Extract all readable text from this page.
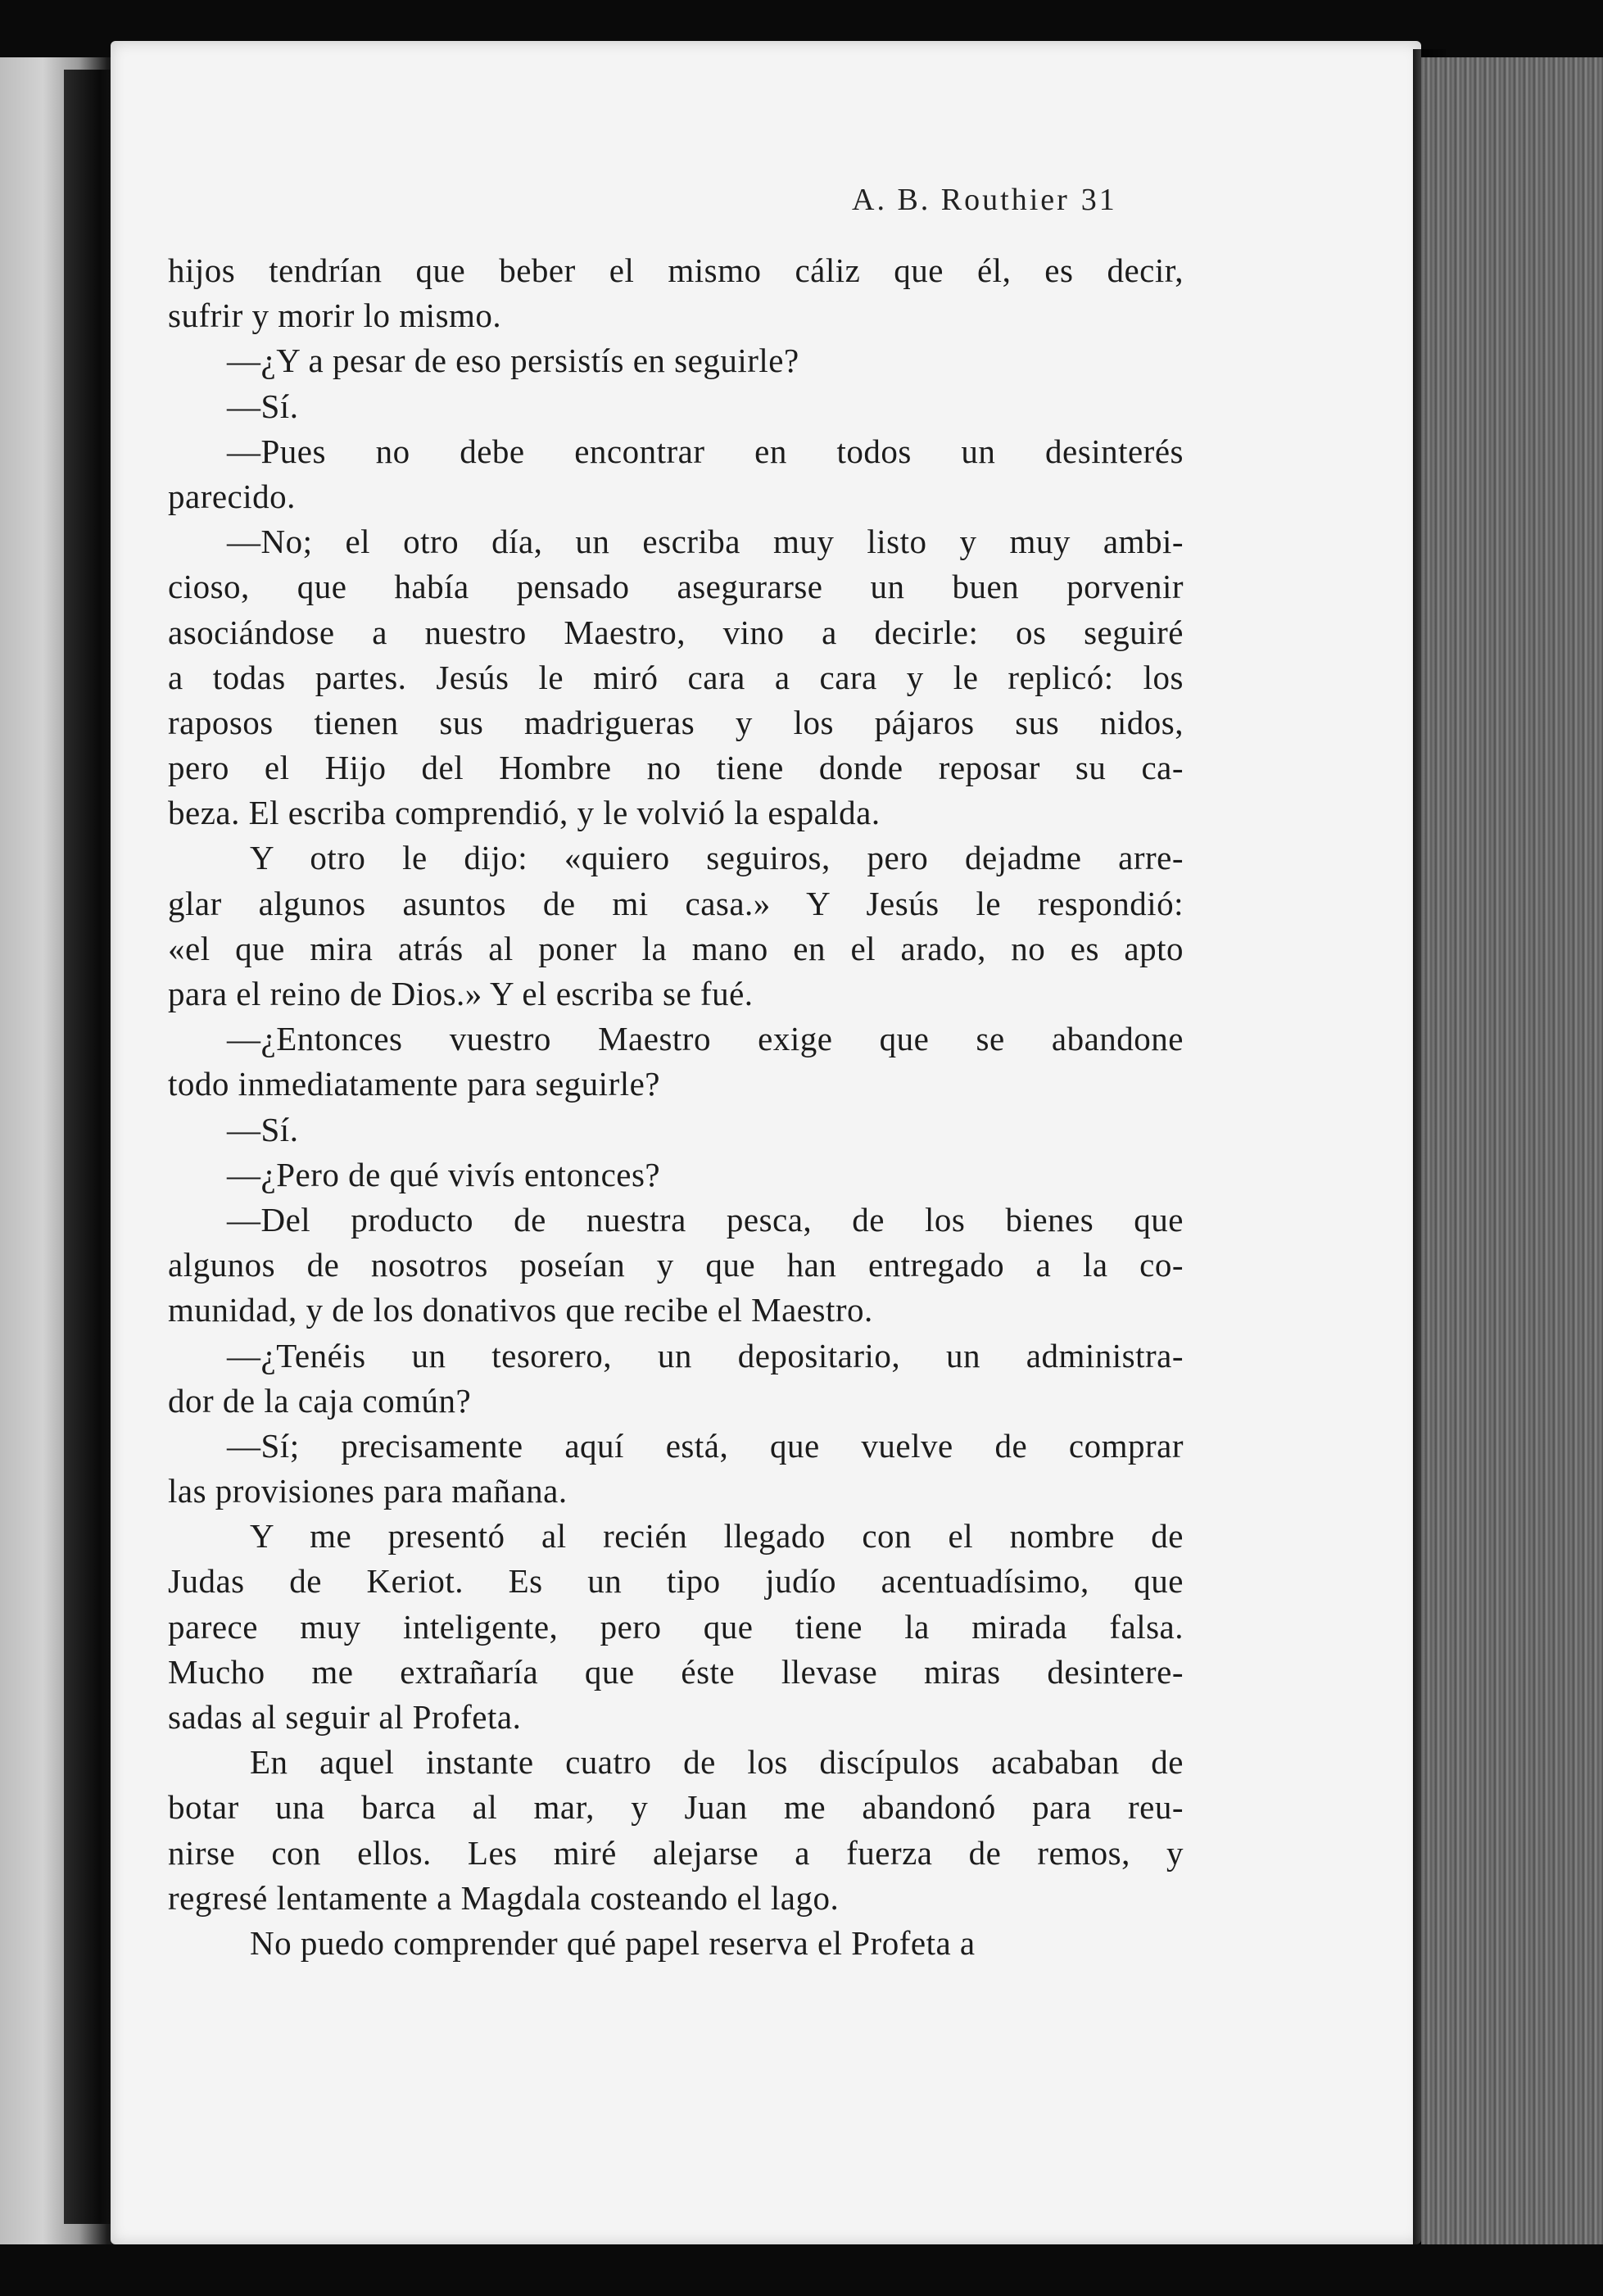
A. B. Routhier 31
hijos tendrían que beber el mismo cáliz que él, es decir,
sufrir y morir lo mismo.
—¿Y a pesar de eso persistís en seguirle?
—Sí.
—Pues no debe encontrar en todos un desinterés
parecido.
—No; el otro día, un escriba muy listo y muy ambi-
cioso, que había pensado asegurarse un buen porvenir
asociándose a nuestro Maestro, vino a decirle: os seguiré
a todas partes. Jesús le miró cara a cara y le replicó: los
raposos tienen sus madrigueras y los pájaros sus nidos,
pero el Hijo del Hombre no tiene donde reposar su ca-
beza. El escriba comprendió, y le volvió la espalda.
Y otro le dijo: «quiero seguiros, pero dejadme arre-
glar algunos asuntos de mi casa.» Y Jesús le respondió:
«el que mira atrás al poner la mano en el arado, no es apto
para el reino de Dios.» Y el escriba se fué.
—¿Entonces vuestro Maestro exige que se abandone
todo inmediatamente para seguirle?
—Sí.
—¿Pero de qué vivís entonces?
—Del producto de nuestra pesca, de los bienes que
algunos de nosotros poseían y que han entregado a la co-
munidad, y de los donativos que recibe el Maestro.
—¿Tenéis un tesorero, un depositario, un administra-
dor de la caja común?
—Sí; precisamente aquí está, que vuelve de comprar
las provisiones para mañana.
Y me presentó al recién llegado con el nombre de
Judas de Keriot. Es un tipo judío acentuadísimo, que
parece muy inteligente, pero que tiene la mirada falsa.
Mucho me extrañaría que éste llevase miras desintere-
sadas al seguir al Profeta.
En aquel instante cuatro de los discípulos acababan de
botar una barca al mar, y Juan me abandonó para reu-
nirse con ellos. Les miré alejarse a fuerza de remos, y
regresé lentamente a Magdala costeando el lago.
No puedo comprender qué papel reserva el Profeta a
